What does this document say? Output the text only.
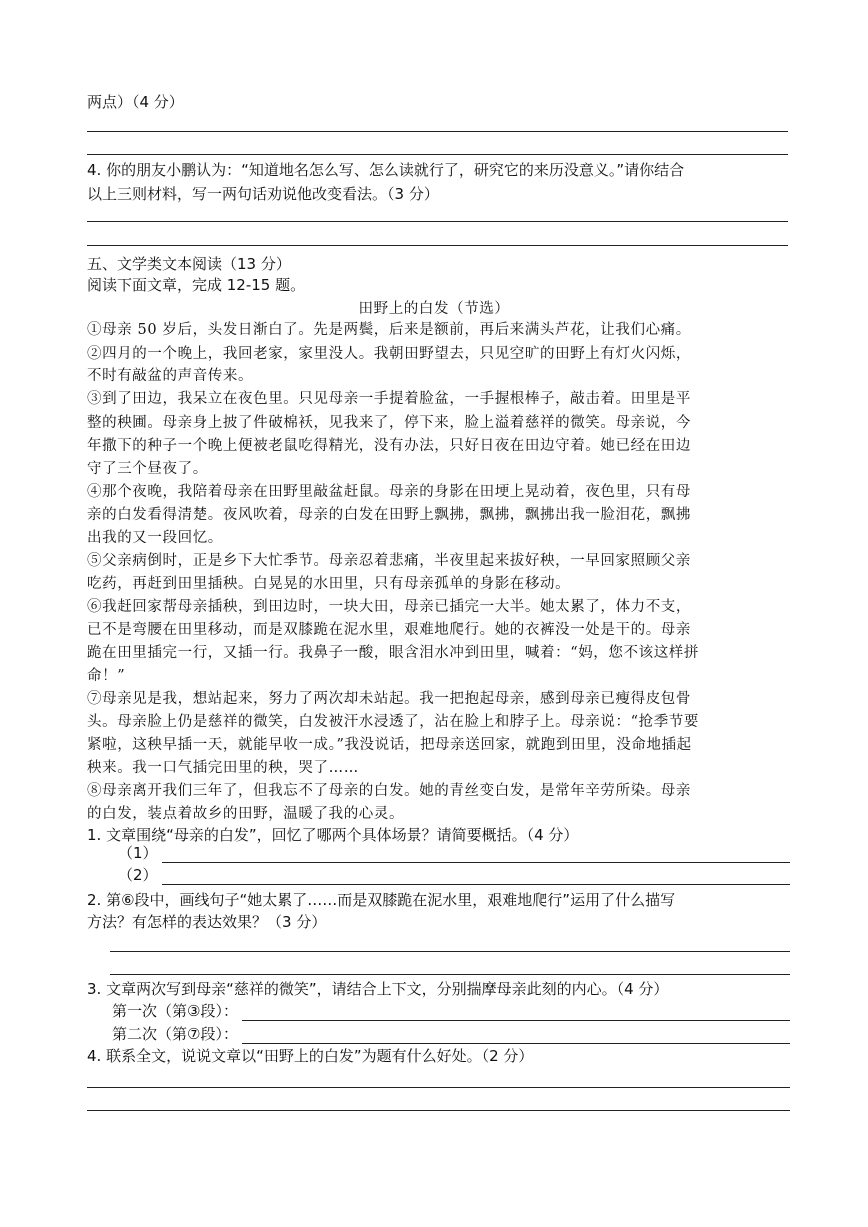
两点）（4 分）
4. 你的朋友小鹏认为：“知道地名怎么写、怎么读就行了，研究它的来历没意义。”请你结合
以上三则材料，写一两句话劝说他改变看法。（3 分）
五、文学类文本阅读（13 分）
阅读下面文章，完成 12-15 题。
田野上的白发（节选）
①母亲 50 岁后，头发日渐白了。先是两鬓，后来是额前，再后来满头芦花，让我们心痛。
②四月的一个晚上，我回老家，家里没人。我朝田野望去，只见空旷的田野上有灯火闪烁，
不时有敲盆的声音传来。
③到了田边，我呆立在夜色里。只见母亲一手提着脸盆，一手握根棒子，敲击着。田里是平
整的秧圃。母亲身上披了件破棉袄，见我来了，停下来，脸上溢着慈祥的微笑。母亲说，今
年撒下的种子一个晚上便被老鼠吃得精光，没有办法，只好日夜在田边守着。她已经在田边
守了三个昼夜了。
④那个夜晚，我陪着母亲在田野里敲盆赶鼠。母亲的身影在田埂上晃动着，夜色里，只有母
亲的白发看得清楚。夜风吹着，母亲的白发在田野上飘拂，飘拂，飘拂出我一脸泪花，飘拂
出我的又一段回忆。
⑤父亲病倒时，正是乡下大忙季节。母亲忍着悲痛，半夜里起来拔好秧，一早回家照顾父亲
吃药，再赶到田里插秧。白晃晃的水田里，只有母亲孤单的身影在移动。
⑥我赶回家帮母亲插秧，到田边时，一块大田，母亲已插完一大半。她太累了，体力不支，
已不是弯腰在田里移动，而是双膝跪在泥水里，艰难地爬行。她的衣裤没一处是干的。母亲
跪在田里插完一行，又插一行。我鼻子一酸，眼含泪水冲到田里，喊着：“妈，您不该这样拼
命！”
⑦母亲见是我，想站起来，努力了两次却未站起。我一把抱起母亲，感到母亲已瘦得皮包骨
头。母亲脸上仍是慈祥的微笑，白发被汗水浸透了，沾在脸上和脖子上。母亲说：“抢季节要
紧啦，这秧早插一天，就能早收一成。”我没说话，把母亲送回家，就跑到田里，没命地插起
秧来。我一口气插完田里的秧，哭了……
⑧母亲离开我们三年了，但我忘不了母亲的白发。她的青丝变白发，是常年辛劳所染。母亲
的白发，装点着故乡的田野，温暖了我的心灵。
1. 文章围绕“母亲的白发”，回忆了哪两个具体场景？请简要概括。（4 分）
（1）
（2）
2. 第⑥段中，画线句子“她太累了……而是双膝跪在泥水里，艰难地爬行”运用了什么描写
方法？有怎样的表达效果？（3 分）
3. 文章两次写到母亲“慈祥的微笑”，请结合上下文，分别揣摩母亲此刻的内心。（4 分）
第一次（第③段）：
第二次（第⑦段）：
4. 联系全文，说说文章以“田野上的白发”为题有什么好处。（2 分）
